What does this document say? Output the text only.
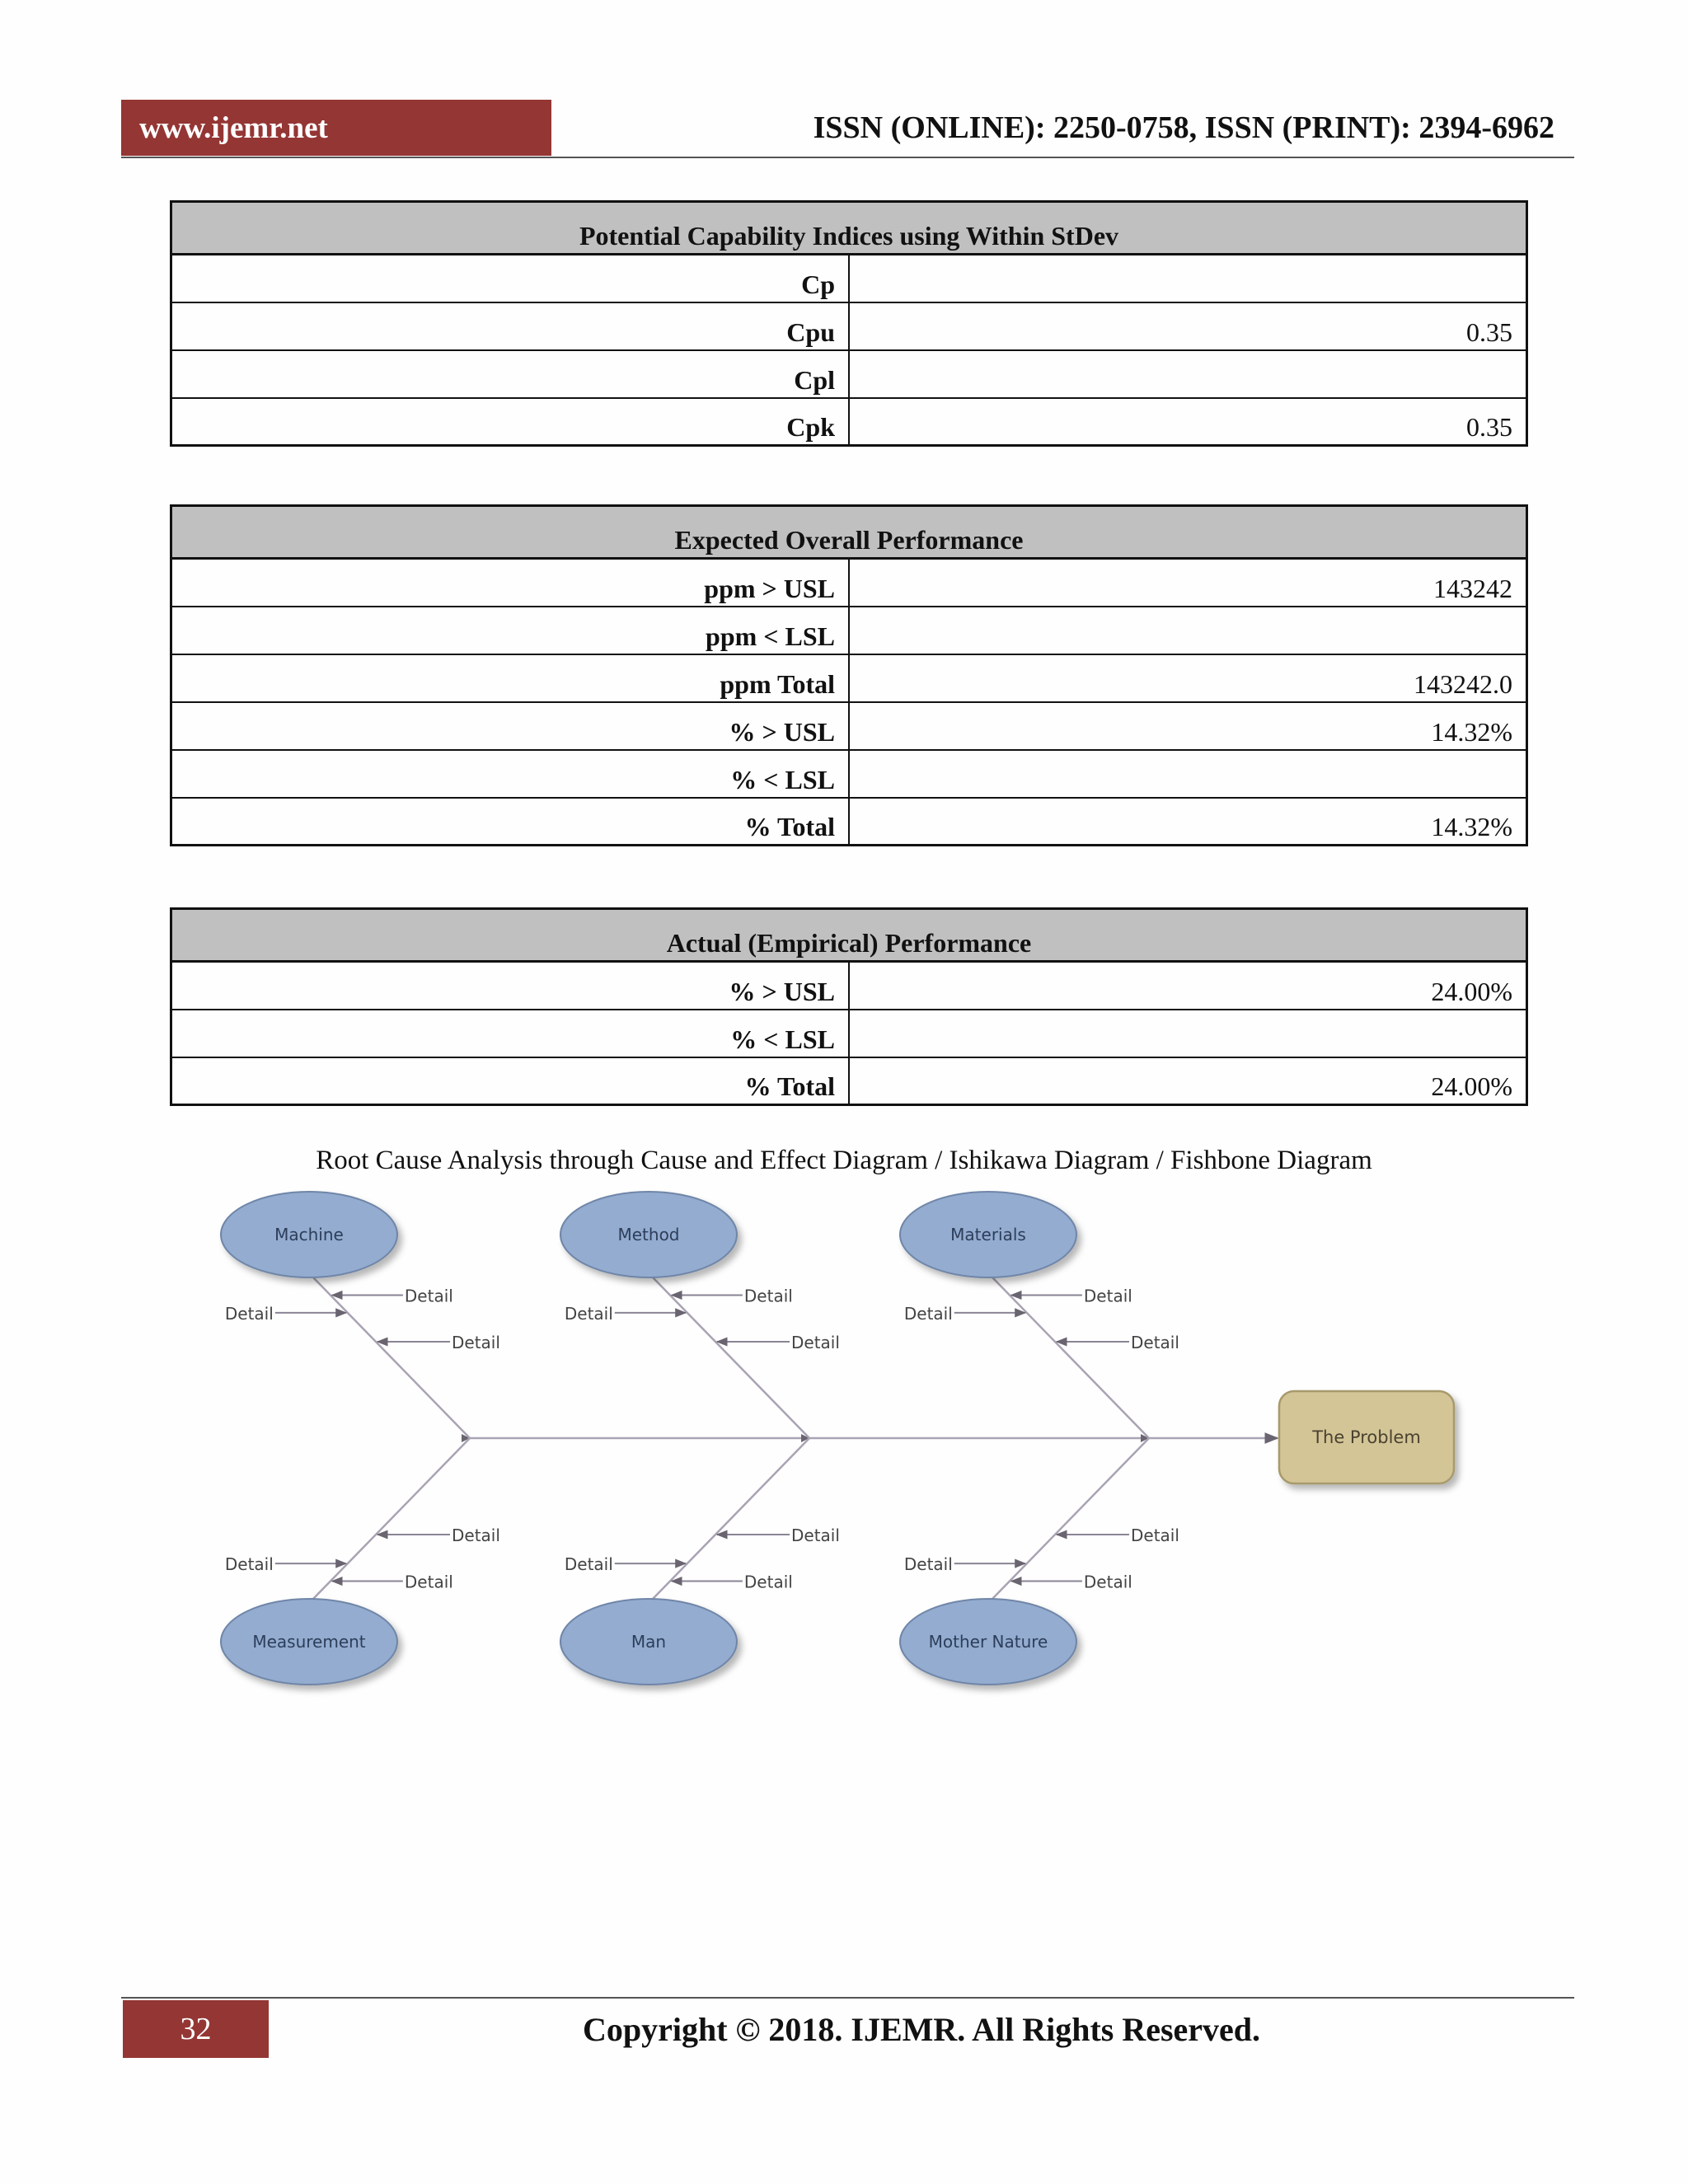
www.ijemr.net	ISSN (ONLINE): 2250-0758, ISSN (PRINT): 2394-6962
Potential Capability Indices using Within StDev	
Cp	
Cpu	0.35
Cpl	
Cpk	0.35
Expected Overall Performance	
ppm > USL	143242
ppm < LSL	
ppm Total	143242.0
% > USL	14.32%
% < LSL	
% Total	14.32%
Actual (Empirical) Performance	
% > USL	24.00%
% < LSL	
% Total	24.00%
Root Cause Analysis through Cause and Effect Diagram / Ishikawa Diagram / Fishbone Diagram
Detail
Detail
Detail
Machine
Detail
Detail
Detail
Method
Detail
Detail
Detail
Materials
Detail
Detail
Detail
Measurement
Detail
Detail
Detail
Man
Detail
Detail
Detail
Mother Nature
The Problem
32	Copyright © 2018. IJEMR. All Rights Reserved.
